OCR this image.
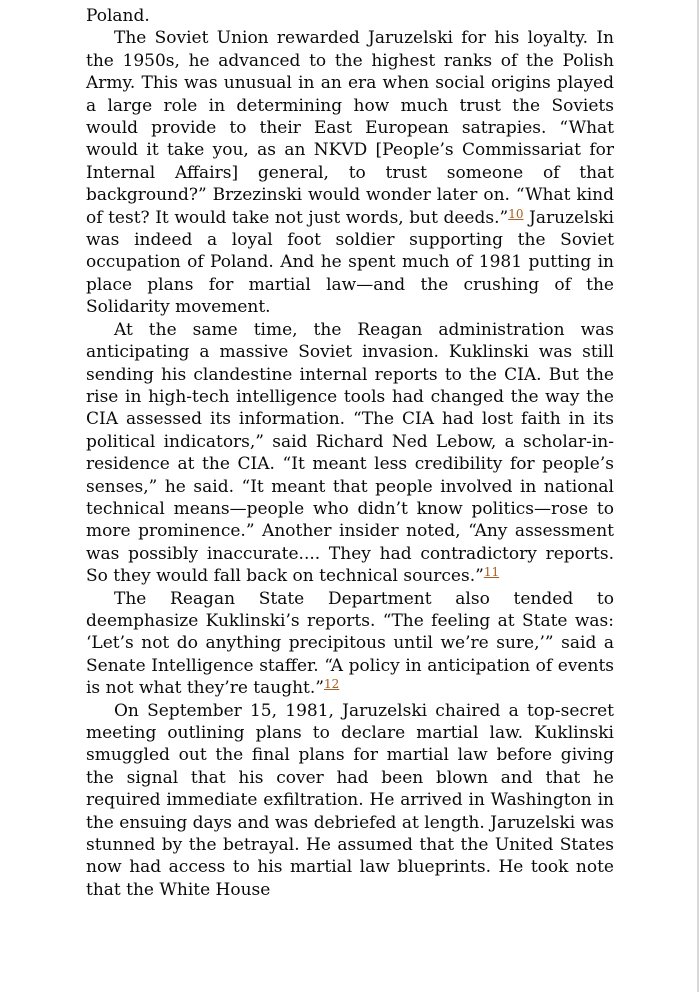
Poland.

The Soviet Union rewarded Jaruzelski for his loyalty. In the 1950s, he advanced to the highest ranks of the Polish Army. This was unusual in an era when social origins played a large role in determining how much trust the Soviets would provide to their East European satrapies. “What would it take you, as an NKVD [People’s Commissariat for Internal Affairs] general, to trust someone of that background?” Brzezinski would wonder later on. “What kind of test? It would take not just words, but deeds.”$^{10}$ Jaruzelski was indeed a loyal foot soldier supporting the Soviet occupation of Poland. And he spent much of 1981 putting in place plans for martial law—and the crushing of the Solidarity movement.

At the same time, the Reagan administration was anticipating a massive Soviet invasion. Kuklinski was still sending his clandestine internal reports to the CIA. But the rise in high-tech intelligence tools had changed the way the CIA assessed its information. “The CIA had lost faith in its political indicators,” said Richard Ned Lebow, a scholar-in-residence at the CIA. “It meant less credibility for people’s senses,” he said. “It meant that people involved in national technical means—people who didn’t know politics—rose to more prominence.” Another insider noted, “Any assessment was possibly inaccurate.... They had contradictory reports. So they would fall back on technical sources.”$^{11}$

The Reagan State Department also tended to deemphasize Kuklinski’s reports. “The feeling at State was: ‘Let’s not do anything precipitous until we’re sure,’” said a Senate Intelligence staffer. “A policy in anticipation of events is not what they’re taught.”$^{12}$

On September 15, 1981, Jaruzelski chaired a top-secret meeting outlining plans to declare martial law. Kuklinski smuggled out the final plans for martial law before giving the signal that his cover had been blown and that he required immediate exfiltration. He arrived in Washington in the ensuing days and was debriefed at length. Jaruzelski was stunned by the betrayal. He assumed that the United States now had access to his martial law blueprints. He took note that the White House
